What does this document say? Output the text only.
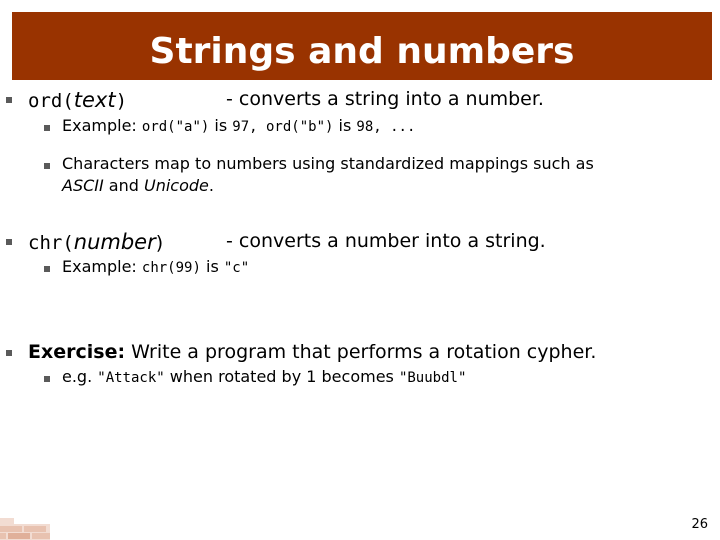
Strings and numbers
ord(text)	- converts a string into a number.
Example: ord("a") is 97, ord("b") is 98, ...
Characters map to numbers using standardized mappings such as
ASCII and Unicode.
chr(number)	- converts a number into a string.
Example: chr(99) is "c"
Exercise: Write a program that performs a rotation cypher.
e.g. "Attack" when rotated by 1 becomes "Buubdl"
26
